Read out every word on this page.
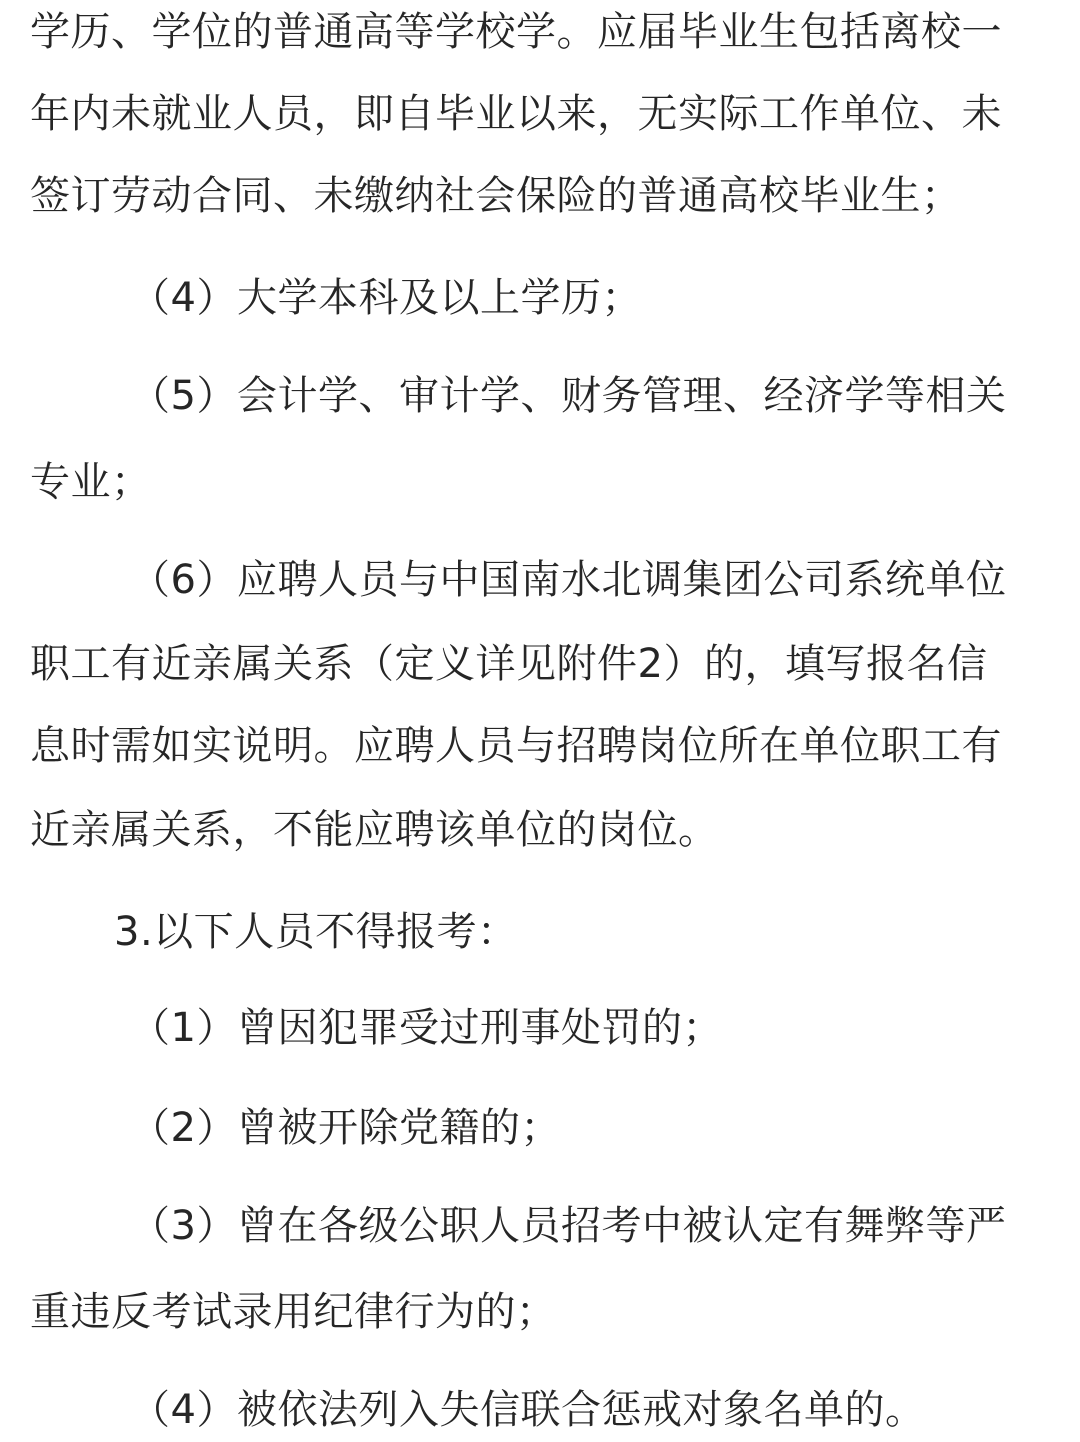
学历、学位的普通高等学校学。应届毕业生包括离校一
年内未就业人员，即自毕业以来，无实际工作单位、未
签订劳动合同、未缴纳社会保险的普通高校毕业生；
（4）大学本科及以上学历；
（5）会计学、审计学、财务管理、经济学等相关
专业；
（6）应聘人员与中国南水北调集团公司系统单位
职工有近亲属关系（定义详见附件2）的，填写报名信
息时需如实说明。应聘人员与招聘岗位所在单位职工有
近亲属关系，不能应聘该单位的岗位。
3.以下人员不得报考：
（1）曾因犯罪受过刑事处罚的；
（2）曾被开除党籍的；
（3）曾在各级公职人员招考中被认定有舞弊等严
重违反考试录用纪律行为的；
（4）被依法列入失信联合惩戒对象名单的。
